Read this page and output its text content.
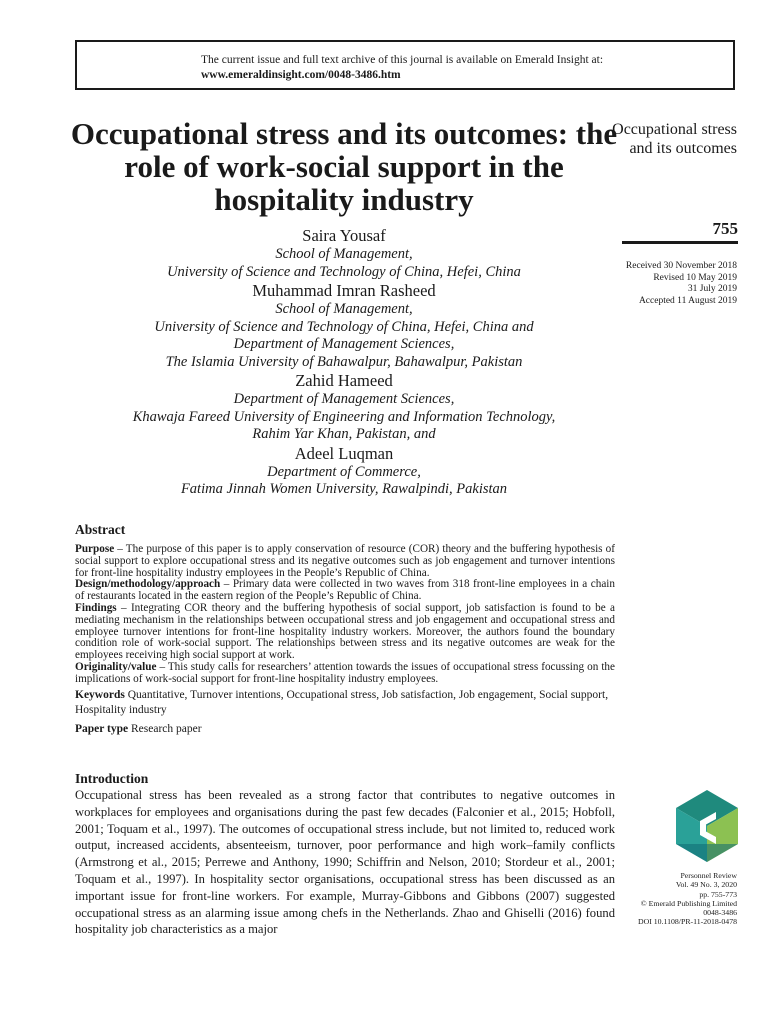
The current issue and full text archive of this journal is available on Emerald Insight at:
www.emeraldinsight.com/0048-3486.htm
Occupational stress and its outcomes: the role of work-social support in the hospitality industry
Occupational stress and its outcomes
755
Received 30 November 2018
Revised 10 May 2019
31 July 2019
Accepted 11 August 2019
Saira Yousaf
School of Management,
University of Science and Technology of China, Hefei, China
Muhammad Imran Rasheed
School of Management,
University of Science and Technology of China, Hefei, China and
Department of Management Sciences,
The Islamia University of Bahawalpur, Bahawalpur, Pakistan
Zahid Hameed
Department of Management Sciences,
Khawaja Fareed University of Engineering and Information Technology,
Rahim Yar Khan, Pakistan, and
Adeel Luqman
Department of Commerce,
Fatima Jinnah Women University, Rawalpindi, Pakistan
Abstract

Purpose – The purpose of this paper is to apply conservation of resource (COR) theory and the buffering hypothesis of social support to explore occupational stress and its negative outcomes such as job engagement and turnover intentions for front-line hospitality industry employees in the People’s Republic of China.

Design/methodology/approach – Primary data were collected in two waves from 318 front-line employees in a chain of restaurants located in the eastern region of the People’s Republic of China.

Findings – Integrating COR theory and the buffering hypothesis of social support, job satisfaction is found to be a mediating mechanism in the relationships between occupational stress and job engagement and occupational stress and employee turnover intentions for front-line hospitality industry workers. Moreover, the authors found the boundary condition role of work-social support. The relationships between stress and its negative outcomes are weak for the employees receiving high social support at work.

Originality/value – This study calls for researchers’ attention towards the issues of occupational stress focussing on the implications of work-social support for front-line hospitality industry employees.

Keywords Quantitative, Turnover intentions, Occupational stress, Job satisfaction, Job engagement, Social support, Hospitality industry

Paper type Research paper

Introduction

Occupational stress has been revealed as a strong factor that contributes to negative outcomes in workplaces for employees and organisations during the past few decades (Falconier et al., 2015; Hobfoll, 2001; Toquam et al., 1997). The outcomes of occupational stress include, but not limited to, reduced work output, increased accidents, absenteeism, turnover, poor performance and high work–family conflicts (Armstrong et al., 2015; Perrewe and Anthony, 1990; Schiffrin and Nelson, 2010; Stordeur et al., 2001; Toquam et al., 1997). In hospitality sector organisations, occupational stress has been discussed as an important issue for front-line workers. For example, Murray-Gibbons and Gibbons (2007) suggested occupational stress as an alarming issue among chefs in the Netherlands. Zhao and Ghiselli (2016) found hospitality job characteristics as a major

Personnel Review
Vol. 49 No. 3, 2020
pp. 755-773
© Emerald Publishing Limited
0048-3486
DOI 10.1108/PR-11-2018-0478
